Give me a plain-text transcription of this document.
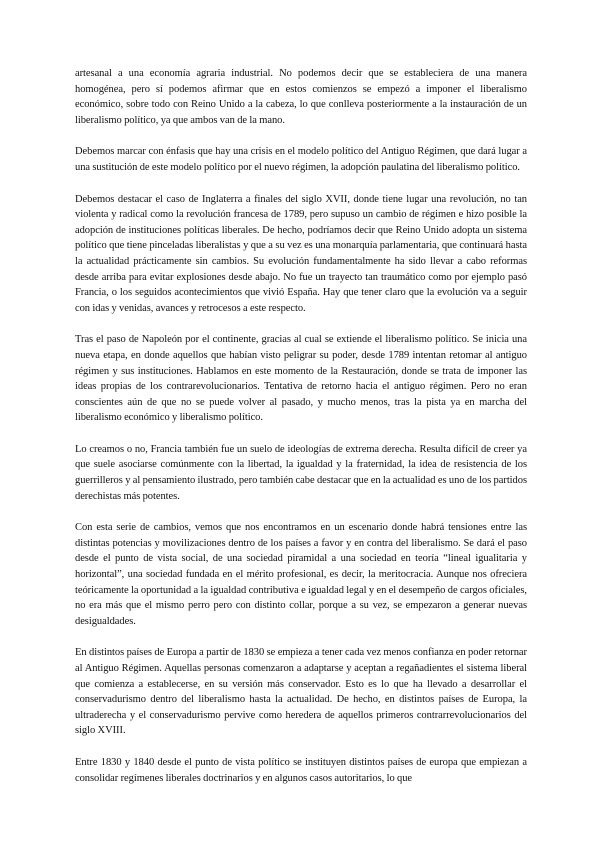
artesanal a una economía agraria industrial. No podemos decir que se estableciera de una manera homogénea, pero sí podemos afirmar que en estos comienzos se empezó a imponer el liberalismo económico, sobre todo con Reino Unido a la cabeza, lo que conlleva posteriormente a la instauración de un liberalismo político, ya que ambos van de la mano.

Debemos marcar con énfasis que hay una crisis en el modelo político del Antiguo Régimen, que dará lugar a una sustitución de este modelo político por el nuevo régimen, la adopción paulatina del liberalismo político.

Debemos destacar el caso de Inglaterra a finales del siglo XVII, donde tiene lugar una revolución, no tan violenta y radical como la revolución francesa de 1789, pero supuso un cambio de régimen e hizo posible la adopción de instituciones políticas liberales. De hecho, podríamos decir que Reino Unido adopta un sistema político que tiene pinceladas liberalistas y que a su vez es una monarquía parlamentaria, que continuará hasta la actualidad prácticamente sin cambios. Su evolución fundamentalmente ha sido llevar a cabo reformas desde arriba para evitar explosiones desde abajo. No fue un trayecto tan traumático como por ejemplo pasó Francia, o los seguidos acontecimientos que vivió España. Hay que tener claro que la evolución va a seguir con idas y venidas, avances y retrocesos a este respecto.

Tras el paso de Napoleón por el continente, gracias al cual se extiende el liberalismo político. Se inicia una nueva etapa, en donde aquellos que habían visto peligrar su poder, desde 1789 intentan retomar al antiguo régimen y sus instituciones. Hablamos en este momento de la Restauración, donde se trata de imponer las ideas propias de los contrarevolucionarios. Tentativa de retorno hacia el antiguo régimen. Pero no eran conscientes aún de que no se puede volver al pasado, y mucho menos, tras la pista ya en marcha del liberalismo económico y liberalismo político.

Lo creamos o no, Francia también fue un suelo de ideologías de extrema derecha. Resulta difícil de creer ya que suele asociarse comúnmente con la libertad, la igualdad y la fraternidad, la idea de resistencia de los guerrilleros y al pensamiento ilustrado, pero también cabe destacar que en la actualidad es uno de los partidos derechistas más potentes.

Con esta serie de cambios, vemos que nos encontramos en un escenario donde habrá tensiones entre las distintas potencias y movilizaciones dentro de los países a favor y en contra del liberalismo. Se dará el paso desde el punto de vista social, de una sociedad piramidal a una sociedad en teoría “lineal igualitaria y horizontal”, una sociedad fundada en el mérito profesional, es decir, la meritocracia. Aunque nos ofreciera teóricamente la oportunidad a la igualdad contributiva e igualdad legal y en el desempeño de cargos oficiales, no era más que el mismo perro pero con distinto collar, porque a su vez, se empezaron a generar nuevas desigualdades.

En distintos países de Europa a partir de 1830 se empieza a tener cada vez menos confianza en poder retornar al Antiguo Régimen. Aquellas personas comenzaron a adaptarse y aceptan a regañadientes el sistema liberal que comienza a establecerse, en su versión más conservador. Esto es lo que ha llevado a desarrollar el conservadurismo dentro del liberalismo hasta la actualidad. De hecho, en distintos países de Europa, la ultraderecha y el conservadurismo pervive como heredera de aquellos primeros contrarrevolucionarios del siglo XVIII.

Entre 1830 y 1840 desde el punto de vista político se instituyen distintos países de europa que empiezan a consolidar regímenes liberales doctrinarios y en algunos casos autoritarios, lo que
